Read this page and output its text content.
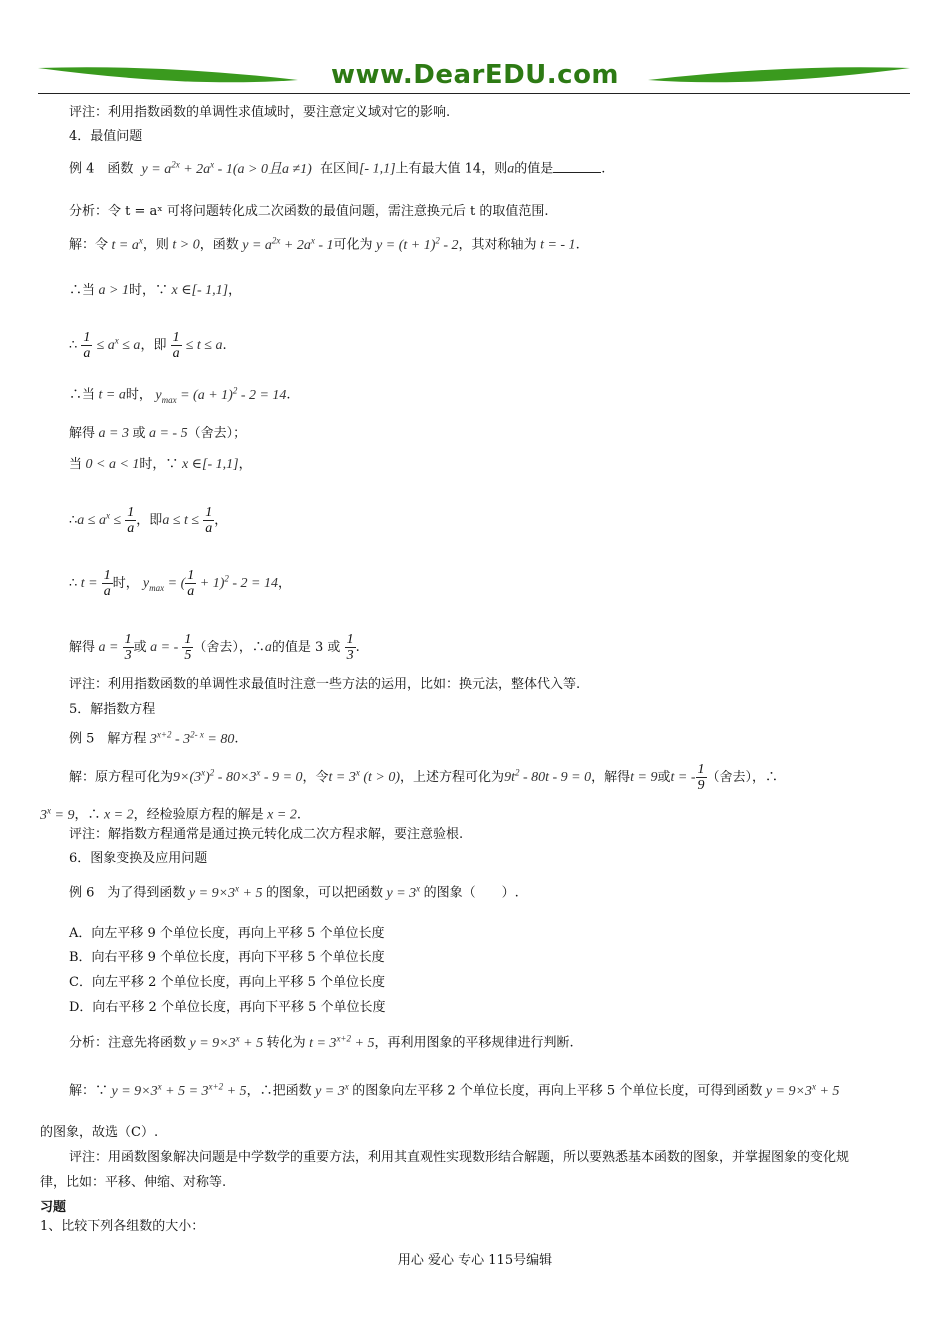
www.DearEDU.com
评注：利用指数函数的单调性求值域时，要注意定义域对它的影响.
4．最值问题
例 4　函数 $y = a^{2x} + 2a^x - 1(a > 0$且a ≠1) 在区间[- 1,1]上有最大值 14，则a的值是	.
分析：令 t = aˣ 可将问题转化成二次函数的最值问题，需注意换元后 t 的取值范围.
解：令 $t = a^x$，则 t > 0，函数 $y = a^{2x} + 2a^x - 1$可化为 $y = (t + 1)^2 - 2$，其对称轴为 t = - 1.
∴当 a > 1时，∵ x ∈[- 1,1]，
∴ $\frac{1}{a} \le a^x \le a$，即 $\frac{1}{a} \le t \le a$.
∴当 t = a时， $y_{max} = (a + 1)^2 - 2 = 14$.
解得 a = 3 或 a = - 5（舍去）；
当 0 < a < 1时，∵ x ∈[- 1,1]，
∴a ≤ $a^x \le \frac{1}{a}$ ，即$a \le t \le \frac{1}{a}$ ，
∴ $t = \frac{1}{a}$ 时， $y_{max}$ = ( $\frac{1}{a} + 1)^2 - 2 = 14$，
解得 $a = \frac{1}{3}$ 或 a = - $\frac{1}{5}$ （舍去），∴a的值是 3 或 $\frac{1}{3}$ .
评注：利用指数函数的单调性求最值时注意一些方法的运用，比如：换元法，整体代入等.
5．解指数方程
例 5　解方程 $3^{x+2} - 3^{2- x} = 80$.
解：原方程可化为$9\times(3^x)^2 - 80\times 3^x - 9 = 0$，令$t = 3^x$ (t > 0)，上述方程可化为$9t^2 - 80t - 9 = 0$，解得t = 9或t = - $\frac{1}{9}$ （舍去），∴
$3^x = 9$，∴ x = 2，经检验原方程的解是 x = 2.
评注：解指数方程通常是通过换元转化成二次方程求解，要注意验根.
6．图象变换及应用问题
例 6　为了得到函数 $y = 9\times 3^x + 5$ 的图象，可以把函数 $y = 3^x$ 的图象（　　）.
A．向左平移 9 个单位长度，再向上平移 5 个单位长度
B．向右平移 9 个单位长度，再向下平移 5 个单位长度
C．向左平移 2 个单位长度，再向上平移 5 个单位长度
D．向右平移 2 个单位长度，再向下平移 5 个单位长度
分析：注意先将函数 $y = 9\times 3^x + 5$ 转化为 $t = 3^{x+2} + 5$，再利用图象的平移规律进行判断.
解：∵ $y = 9\times 3^x + 5 = 3^{x+2} + 5$，∴把函数 $y = 3^x$ 的图象向左平移 2 个单位长度，再向上平移 5 个单位长度，可得到函数 $y = 9\times 3^x + 5$
的图象，故选（C）.
评注：用函数图象解决问题是中学数学的重要方法，利用其直观性实现数形结合解题，所以要熟悉基本函数的图象，并掌握图象的变化规
律，比如：平移、伸缩、对称等.
习题
1、比较下列各组数的大小：
用心 爱心 专心 115号编辑
